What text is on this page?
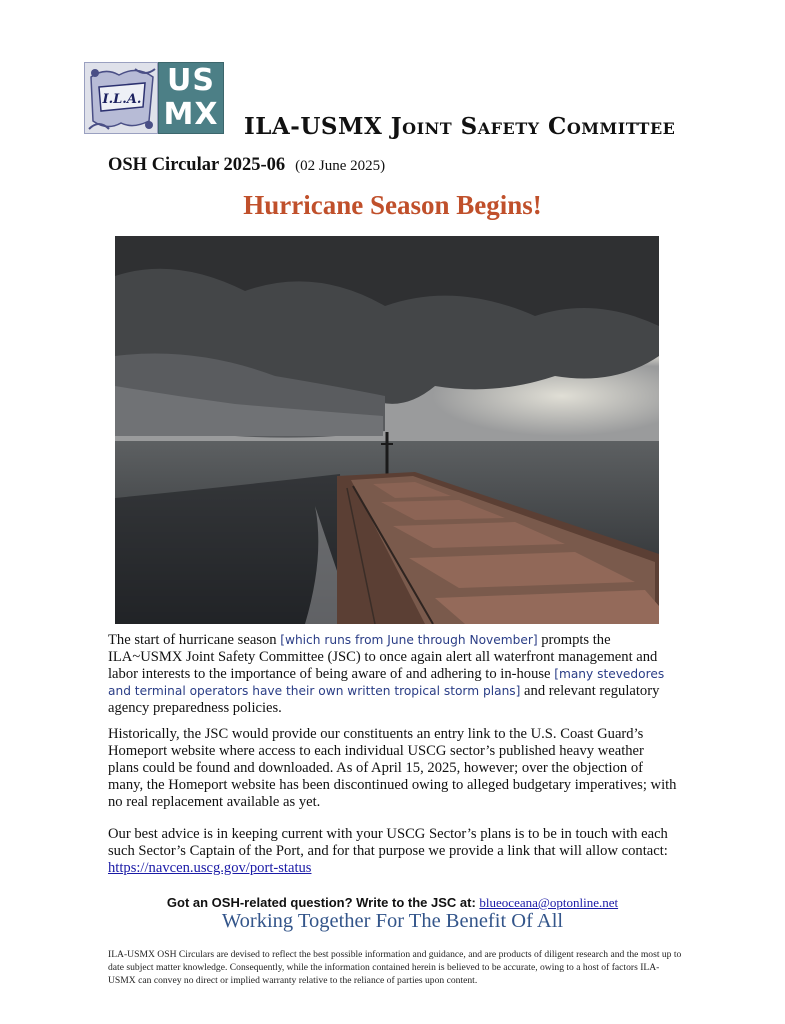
I.L.A.
US
MX ILA-USMX Joint Safety Committee
OSH Circular 2025-06 (02 June 2025)
Hurricane Season Begins!

The start of hurricane season [which runs from June through November] prompts the ILA~USMX Joint Safety Committee (JSC) to once again alert all waterfront management and labor interests to the importance of being aware of and adhering to in-house [many stevedores and terminal operators have their own written tropical storm plans] and relevant regulatory agency preparedness policies.

Historically, the JSC would provide our constituents an entry link to the U.S. Coast Guard’s Homeport website where access to each individual USCG sector’s published heavy weather plans could be found and downloaded. As of April 15, 2025, however; over the objection of many, the Homeport website has been discontinued owing to alleged budgetary imperatives; with no real replacement available as yet.

Our best advice is in keeping current with your USCG Sector’s plans is to be in touch with each such Sector’s Captain of the Port, and for that purpose we provide a link that will allow contact: https://navcen.uscg.gov/port-status

Got an OSH-related question? Write to the JSC at: blueoceana@optonline.net
Working Together For The Benefit Of All

ILA-USMX OSH Circulars are devised to reflect the best possible information and guidance, and are products of diligent research and the most up to date subject matter knowledge. Consequently, while the information contained herein is believed to be accurate, owing to a host of factors ILA-USMX can convey no direct or implied warranty relative to the reliance of parties upon content.
